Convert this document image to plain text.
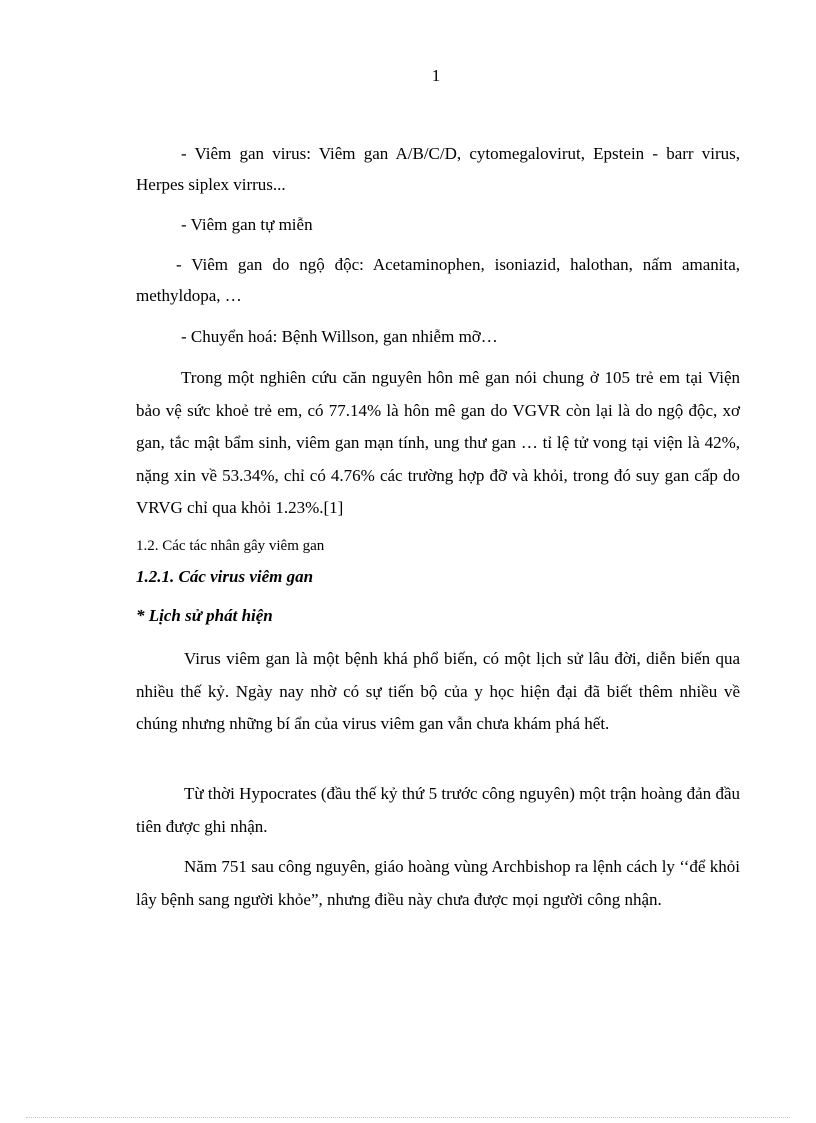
1

- Viêm gan virus: Viêm gan A/B/C/D, cytomegalovirut, Epstein - barr virus, Herpes siplex virrus...

- Viêm gan tự miễn

- Viêm gan do ngộ độc: Acetaminophen, isoniazid, halothan, nấm amanita, methyldopa, …

- Chuyển hoá: Bệnh Willson, gan nhiễm mỡ…

Trong một nghiên cứu căn nguyên hôn mê gan nói chung ở 105 trẻ em tại Viện bảo vệ sức khoẻ trẻ em, có 77.14% là hôn mê gan do VGVR còn lại là do ngộ độc, xơ gan, tắc mật bẩm sinh, viêm gan mạn tính, ung thư gan … tỉ lệ tử vong tại viện là 42%, nặng xin về 53.34%, chỉ có 4.76% các trường hợp đỡ và khỏi, trong đó suy gan cấp do VRVG chỉ qua khỏi 1.23%.[1]

1.2. Các tác nhân gây viêm gan
1.2.1. Các virus viêm gan
* Lịch sử phát hiện

Virus viêm gan là một bệnh khá phổ biến, có một lịch sử lâu đời, diễn biến qua nhiều thế kỷ. Ngày nay nhờ có sự tiến bộ của y học hiện đại đã biết thêm nhiều về chúng nhưng những bí ẩn của virus viêm gan vẫn chưa khám phá hết.

Từ thời Hypocrates (đầu thế kỷ thứ 5 trước công nguyên) một trận hoàng đản đầu tiên được ghi nhận.

Năm 751 sau công nguyên, giáo hoàng vùng Archbishop ra lệnh cách ly ‘‘để khỏi lây bệnh sang người khỏe”, nhưng điều này chưa được mọi người công nhận.
